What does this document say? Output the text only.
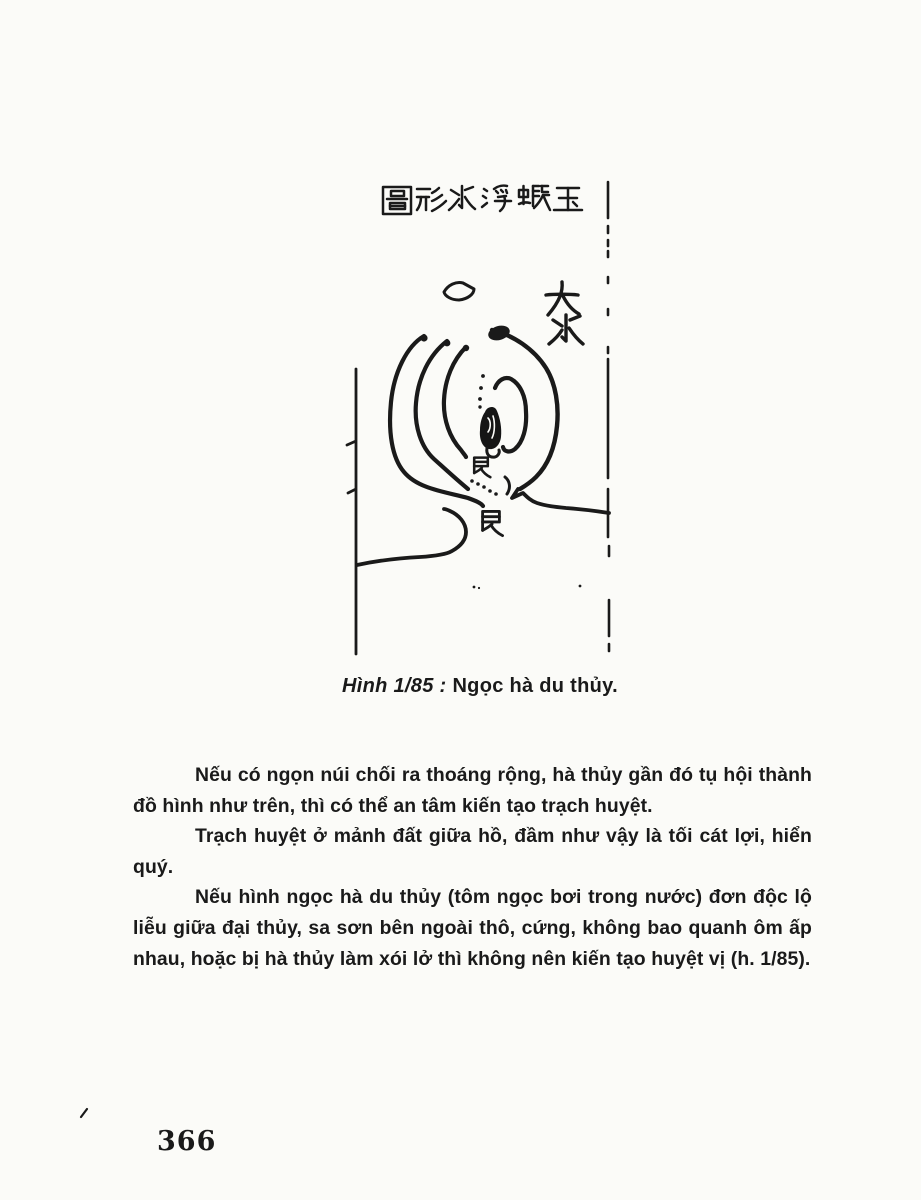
Hình 1/85 : Ngọc hà du thủy.

Nếu có ngọn núi chối ra thoáng rộng, hà thủy gần đó tụ hội thành đồ hình như trên, thì có thể an tâm kiến tạo trạch huyệt.

Trạch huyệt ở mảnh đất giữa hồ, đầm như vậy là tối cát lợi, hiển quý.

Nếu hình ngọc hà du thủy (tôm ngọc bơi trong nước) đơn độc lộ liễu giữa đại thủy, sa sơn bên ngoài thô, cứng, không bao quanh ôm ấp nhau, hoặc bị hà thủy làm xói lở thì không nên kiến tạo huyệt vị (h. 1/85).

366
